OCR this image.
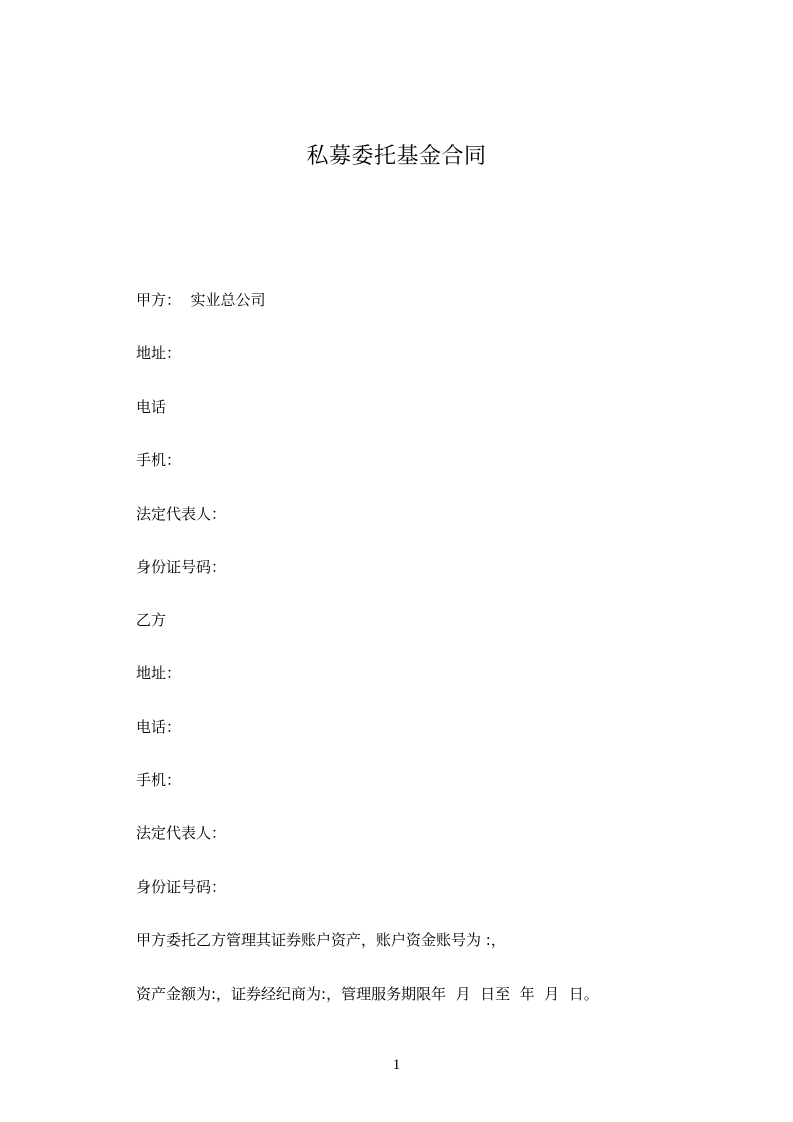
私募委托基金合同
甲方：  实业总公司
地址：
电话
手机：
法定代表人：
身份证号码：
乙方
地址：
电话：
手机：
法定代表人：
身份证号码：
甲方委托乙方管理其证券账户资产，账户资金账号为 :，
资产金额为:，证券经纪商为:，管理服务期限年  月  日至  年  月  日。
1
